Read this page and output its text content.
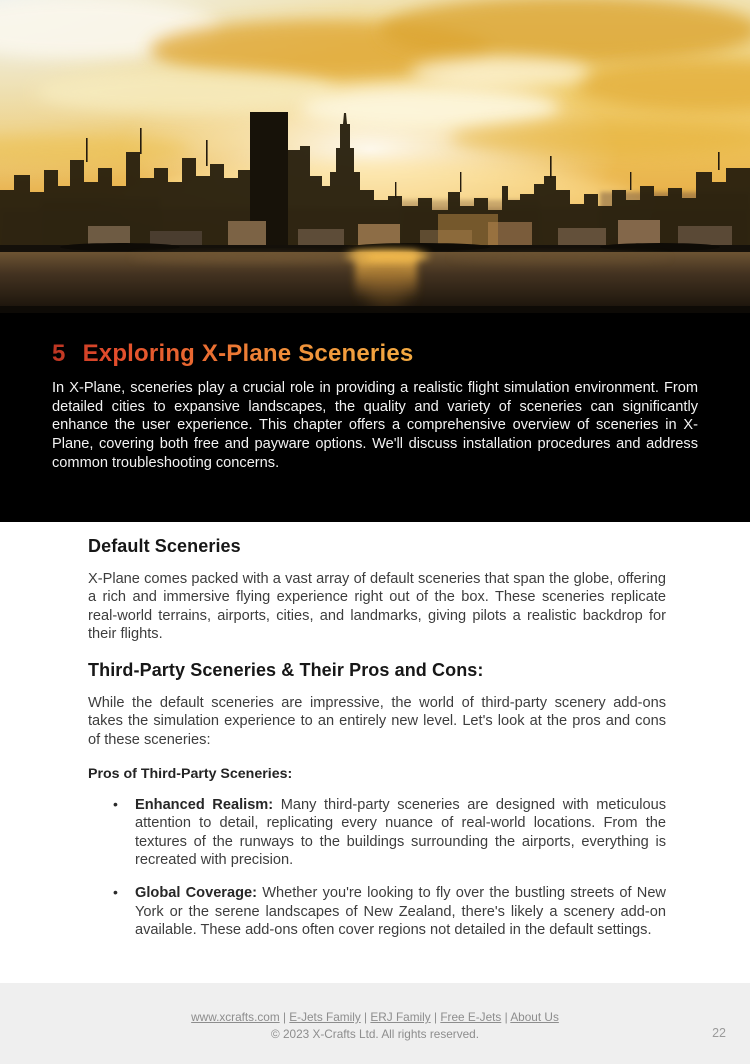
5 Exploring X-Plane Sceneries

In X-Plane, sceneries play a crucial role in providing a realistic flight simulation environment. From detailed cities to expansive landscapes, the quality and variety of sceneries can significantly enhance the user experience. This chapter offers a comprehensive overview of sceneries in X-Plane, covering both free and payware options. We'll discuss installation procedures and address common troubleshooting concerns.

Default Sceneries

X-Plane comes packed with a vast array of default sceneries that span the globe, offering a rich and immersive flying experience right out of the box. These sceneries replicate real-world terrains, airports, cities, and landmarks, giving pilots a realistic backdrop for their flights.

Third-Party Sceneries & Their Pros and Cons:

While the default sceneries are impressive, the world of third-party scenery add-ons takes the simulation experience to an entirely new level. Let's look at the pros and cons of these sceneries:

Pros of Third-Party Sceneries:
• Enhanced Realism: Many third-party sceneries are designed with meticulous attention to detail, replicating every nuance of real-world locations. From the textures of the runways to the buildings surrounding the airports, everything is recreated with precision.
• Global Coverage: Whether you're looking to fly over the bustling streets of New York or the serene landscapes of New Zealand, there's likely a scenery add-on available. These add-ons often cover regions not detailed in the default settings.
www.xcrafts.com | E-Jets Family | ERJ Family | Free E-Jets | About Us
© 2023 X-Crafts Ltd. All rights reserved.	22
